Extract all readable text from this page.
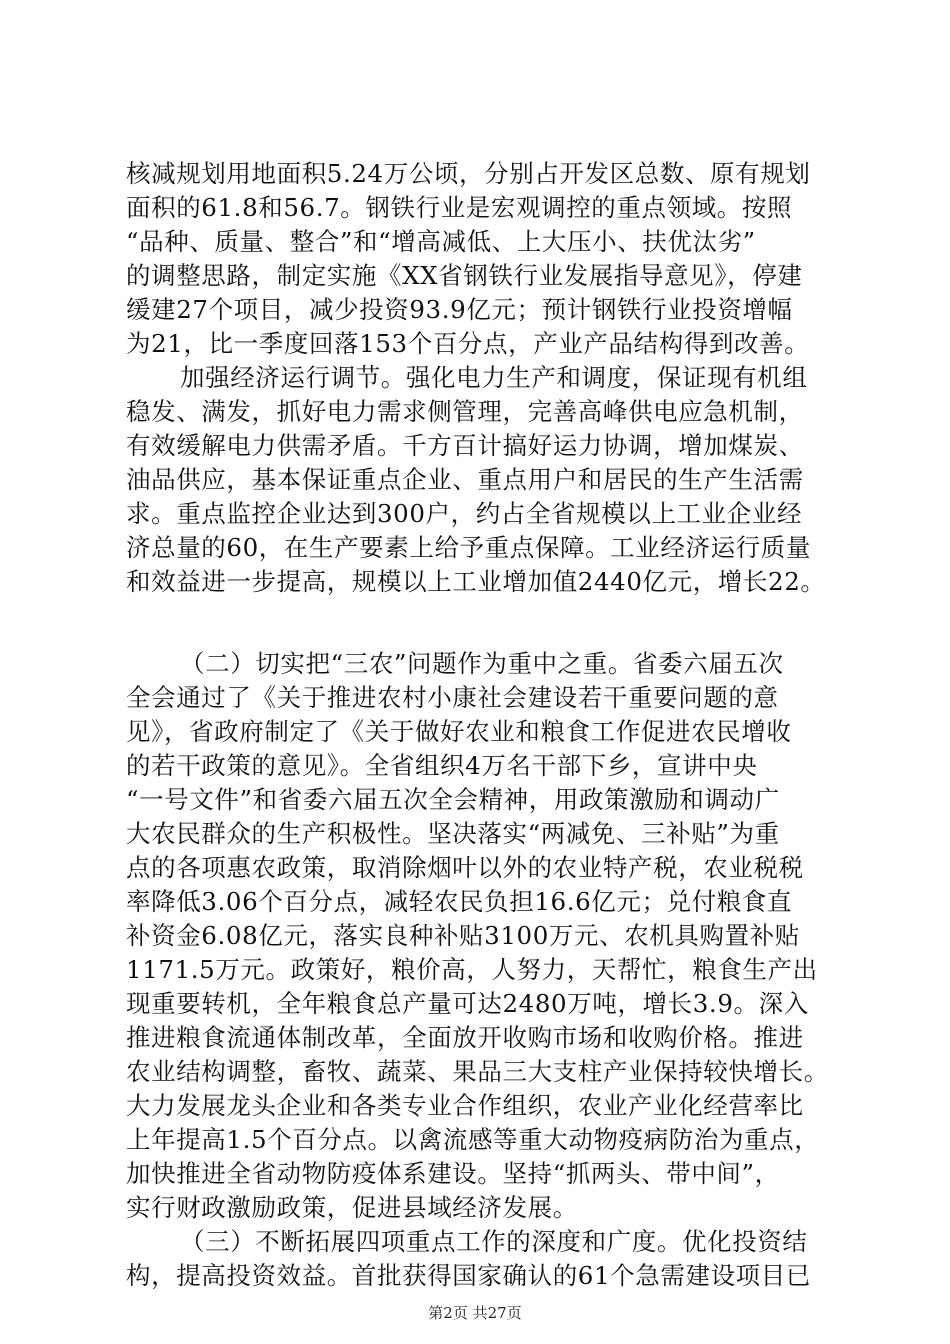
核减规划用地面积5.24万公顷，分别占开发区总数、原有规划
面积的61.8和56.7。钢铁行业是宏观调控的重点领域。按照
“品种、质量、整合”和“增高减低、上大压小、扶优汰劣”
的调整思路，制定实施《XX省钢铁行业发展指导意见》，停建
缓建27个项目，减少投资93.9亿元；预计钢铁行业投资增幅
为21，比一季度回落153个百分点，产业产品结构得到改善。
加强经济运行调节。强化电力生产和调度，保证现有机组
稳发、满发，抓好电力需求侧管理，完善高峰供电应急机制，
有效缓解电力供需矛盾。千方百计搞好运力协调，增加煤炭、
油品供应，基本保证重点企业、重点用户和居民的生产生活需
求。重点监控企业达到300户，约占全省规模以上工业企业经
济总量的60，在生产要素上给予重点保障。工业经济运行质量
和效益进一步提高，规模以上工业增加值2440亿元，增长22。
（二）切实把“三农”问题作为重中之重。省委六届五次
全会通过了《关于推进农村小康社会建设若干重要问题的意
见》，省政府制定了《关于做好农业和粮食工作促进农民增收
的若干政策的意见》。全省组织4万名干部下乡，宣讲中央
“一号文件”和省委六届五次全会精神，用政策激励和调动广
大农民群众的生产积极性。坚决落实“两减免、三补贴”为重
点的各项惠农政策，取消除烟叶以外的农业特产税，农业税税
率降低3.06个百分点，减轻农民负担16.6亿元；兑付粮食直
补资金6.08亿元，落实良种补贴3100万元、农机具购置补贴
1171.5万元。政策好，粮价高，人努力，天帮忙，粮食生产出
现重要转机，全年粮食总产量可达2480万吨，增长3.9。深入
推进粮食流通体制改革，全面放开收购市场和收购价格。推进
农业结构调整，畜牧、蔬菜、果品三大支柱产业保持较快增长。
大力发展龙头企业和各类专业合作组织，农业产业化经营率比
上年提高1.5个百分点。以禽流感等重大动物疫病防治为重点，
加快推进全省动物防疫体系建设。坚持“抓两头、带中间”，
实行财政激励政策，促进县域经济发展。
（三）不断拓展四项重点工作的深度和广度。优化投资结
构，提高投资效益。首批获得国家确认的61个急需建设项目已
第2页 共27页
